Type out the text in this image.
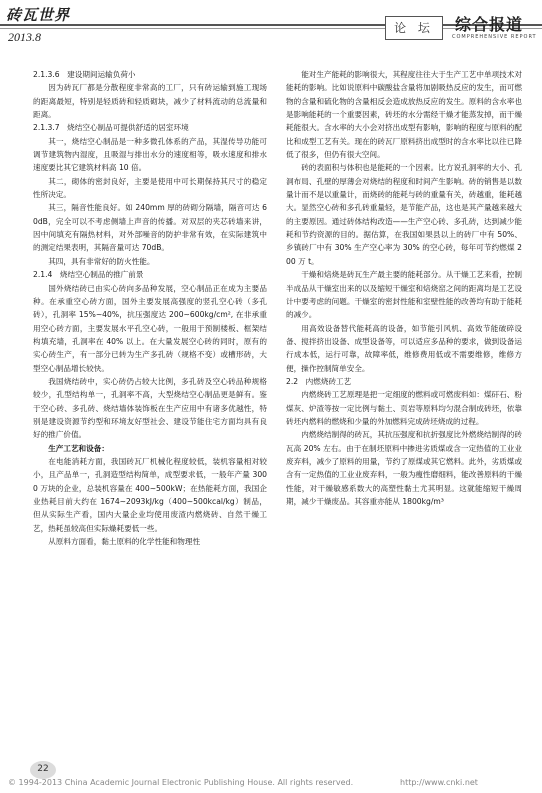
砖瓦世界
2013.8
论 坛	综合报道
COMPREHENSIVE REPORT

2.1.3.6　建设期间运输负荷小

因为砖瓦厂都是分散程度非常高的工厂，只有砖运输到施工现场的距离最短，特别是轻质砖和轻质砌块，减少了材料流动的总流量和距离。

2.1.3.7　烧结空心制品可提供舒适的居室环境

其一，烧结空心制品是一种多微孔体系的产品，其湿传导功能可调节建筑物内湿度，且吸湿与排出水分的速度相等，吸水速度和排水速度要比其它建筑材料高 10 倍。

其二，砌体的密封良好，主要是使用中可长期保持其尺寸的稳定性所决定。

其三，隔音性能良好。如 240mm 厚的砖砌分隔墙，隔音可达 60dB，完全可以不考虑侧墙上声音的传播。对双层的夹芯砖墙来讲，因中间填充有隔热材料，对外部噪音的防护非常有效，在实际建筑中的测定结果表明，其隔音量可达 70dB。

其四，具有非常好的防火性能。

2.1.4　烧结空心制品的推广前景

国外烧结砖已由实心砖向多品种发展，空心制品正在成为主要品种。在承重空心砖方面，国外主要发展高强度的竖孔空心砖（多孔砖），孔洞率 15%~40%，抗压强度达 200~600kg/cm², 在非承重用空心砖方面，主要发展水平孔空心砖，一般用于预制楼板、框架结构填充墙，孔洞率在 40% 以上。在大量发展空心砖的同时，原有的实心砖生产，有一部分已转为生产多孔砖（规格不变）或槽形砖，大型空心制品增长较快。

我国烧结砖中，实心砖仍占较大比例，多孔砖及空心砖品种规格较少，孔型结构单一，孔洞率不高，大型烧结空心制品更是鲜有。鉴于空心砖、多孔砖、烧结墙体装饰板在生产应用中有诸多优越性，特别是建设资源节约型和环境友好型社会、建设节能住宅方面均具有良好的推广价值。

生产工艺和设备：

在电能消耗方面，我国砖瓦厂机械化程度较低，装机容量相对较小，且产品单一，孔洞造型结构简单，成型要求低，一般年产量 3000 万块的企业，总装机容量在 400~500kW；在热能耗方面，我国企业热耗目前大约在 1674~2093kJ/kg（400~500kcal/kg）制品，但从实际生产看，国内大量企业均使用废渣内燃烧砖、自然干燥工艺，热耗虽较高但实际燥耗要低一些。

从原料方面看，黏土原料的化学性能和物理性

能对生产能耗的影响很大，其程度往往大于生产工艺中单项技术对能耗的影响。比如说原料中碳酸盐含量将加剧吸热反应的发生，而可燃物的含量和硫化物的含量相反会造成放热反应的发生。原料的含水率也是影响能耗的一个重要因素，砖坯的水分需经干燥才能蒸发掉，而干燥耗能很大。含水率的大小会对挤出成型有影响，影响的程度与原料的配比和成型工艺有关。现在的砖瓦厂原料挤出成型时的含水率比以往已降低了很多，但仍有很大空间。

砖的表面积与体积也是能耗的一个因素。比方说孔洞率的大小、孔洞布局、孔壁的厚薄会对烧结的程度和时间产生影响。砖的销售是以数量计而不是以重量计，而烧砖的能耗与砖的重量有关，砖越重，能耗越大。显然空心砖和多孔砖重量轻，是节能产品，这也是其产量越来越大的主要原因。通过砖体结构改造——生产空心砖、多孔砖，达到减少能耗和节约资源的目的。据估算，在我国如果县以上的砖厂中有 50%、乡镇砖厂中有 30% 生产空心率为 30% 的空心砖，每年可节约燃煤 200 万 t。

干燥和焙烧是砖瓦生产最主要的能耗部分。从干燥工艺来看，控制半成品从干燥室出来的以及缩短干燥室和焙烧窑之间的距离均是工艺设计中要考虑的问题。干燥室的密封性能和室壁性能的改善均有助于能耗的减少。

用高效设备替代能耗高的设备，如节能引风机、高效节能破碎设备、搅拌挤出设备、成型设备等，可以适应多品种的要求，做到设备运行成本低，运行可靠，故障率低，维修费用低或不需要维修，维修方便，操作控制简单安全。

2.2　内燃烧砖工艺

内燃烧砖工艺原理是把一定细度的燃料或可燃废料如：煤矸石、粉煤灰、炉渣等按一定比例与黏土、页岩等原料均匀混合制成砖坯，依靠砖坯内燃料的燃烧和少量的外加燃料完成砖坯烧成的过程。

内燃烧结制得的砖瓦，其抗压强度和抗折强度比外燃烧结制得的砖瓦高 20% 左右。由于在制坯原料中掺进劣质煤或含一定热值的工业业废弃料，减少了原料的用量，节约了原煤或其它燃料。此外，劣质煤或含有一定热值的工业业废弃料，一般为瘦性磨细料，能改善原料的干燥性能，对干燥敏感系数大的高塑性黏土尤其明显。这就能缩短干燥周期，减少干燥废品。其容重亦能从 1800kg/m³

22
© 1994-2013 China Academic Journal Electronic Publishing House. All rights reserved.	http://www.cnki.net
